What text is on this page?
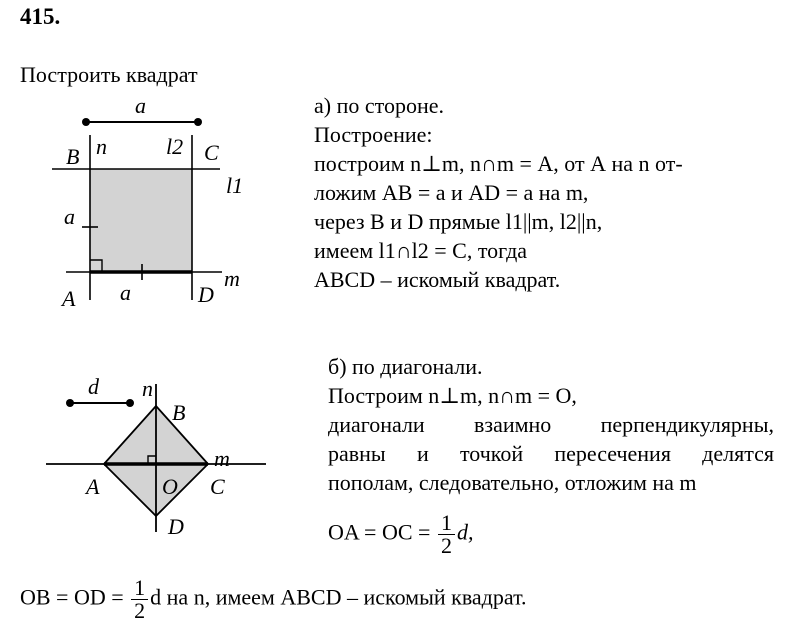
415.
Построить квадрат
a
n	l2
B	C
l1
a
m
A a	D
а) по стороне.
Построение:
построим n⊥m, n∩m = А, от А на n от-
ложим АВ = a и АD = a на m,
через В и D прямые l1||m, l2||n,
имеем l1∩l2 = С, тогда
АВСD – искомый квадрат.
d n
B
m
A	O C
D
б) по диагонали.
Построим n⊥m, n∩m = O,
диагонали взаимно перпендикулярны,
равны и точкой пересечения делятся
пополам, следовательно, отложим на m
OA = OC = $\frac{1}{2} d$,
OB = OD = $\frac{1}{2}$ d на n, имеем ABCD – искомый квадрат.
